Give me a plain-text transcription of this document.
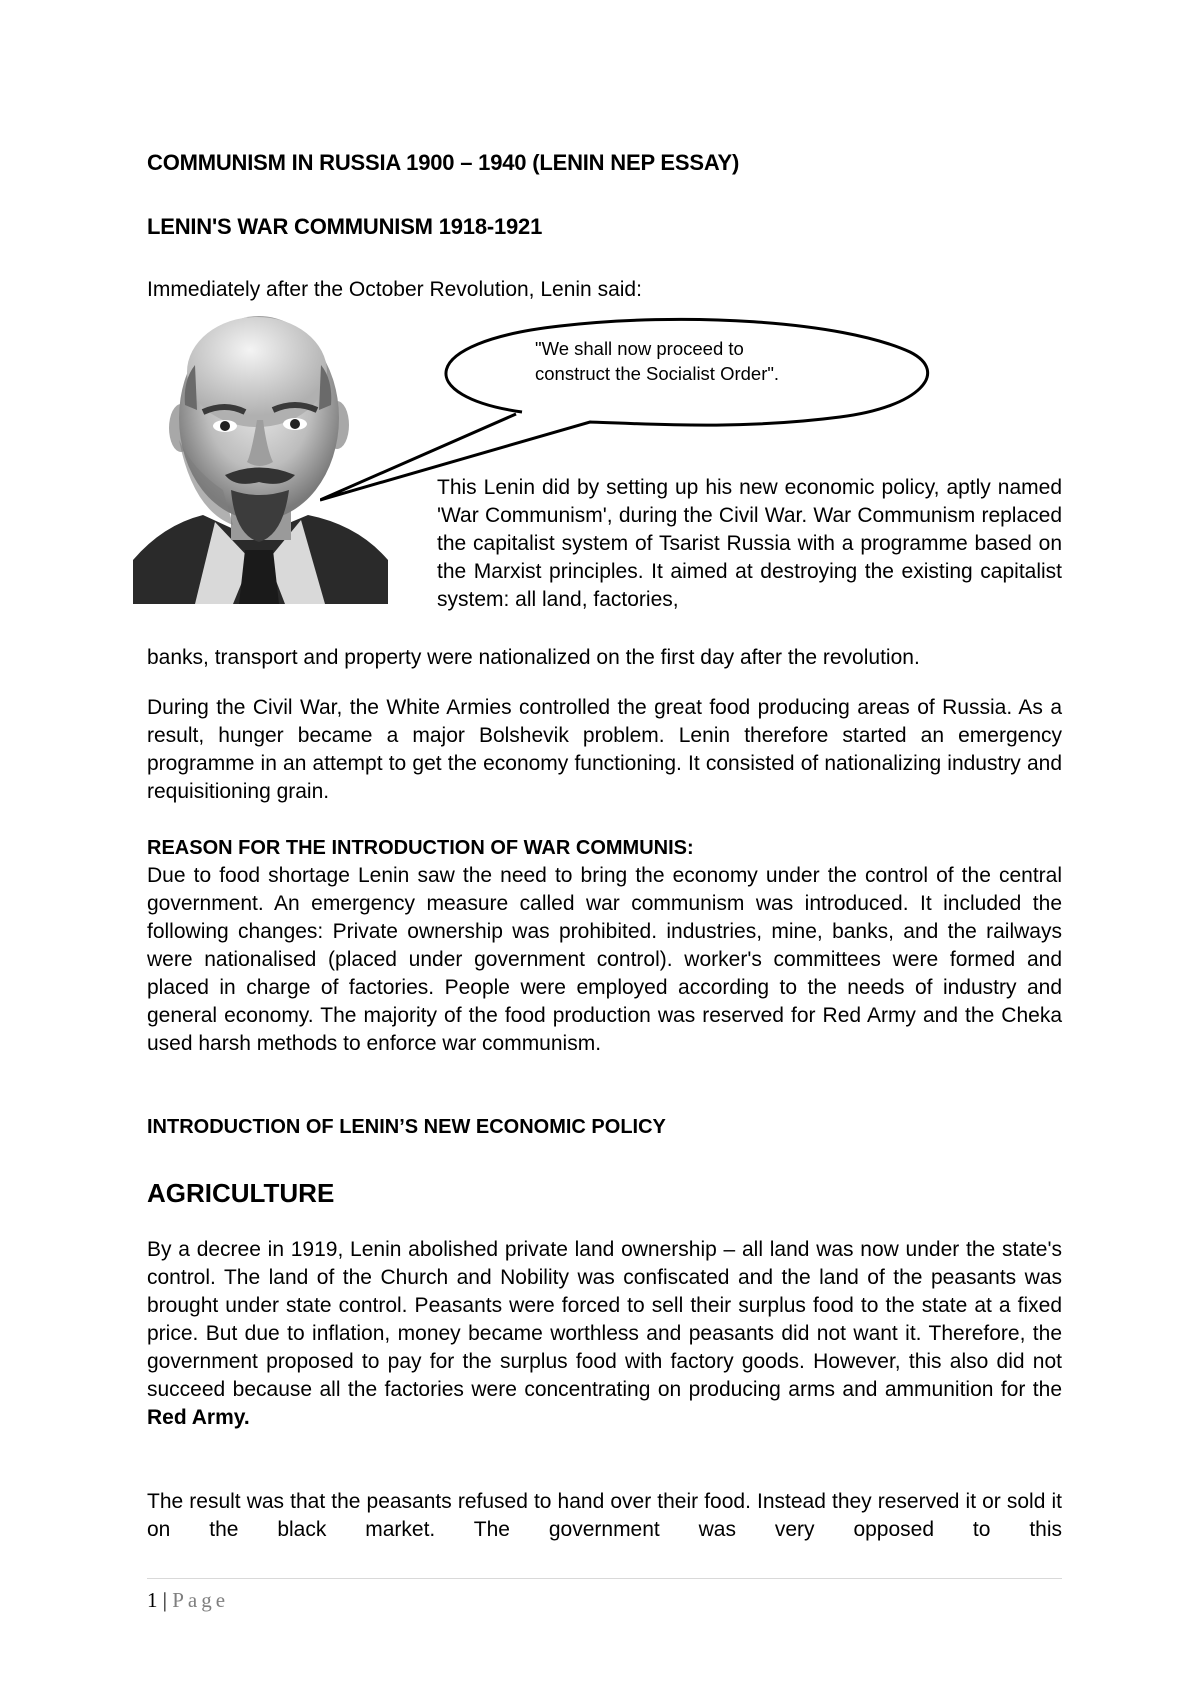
COMMUNISM IN RUSSIA 1900 – 1940 (LENIN NEP ESSAY)
LENIN'S WAR COMMUNISM 1918-1921
Immediately after the October Revolution, Lenin said:
"We shall now proceed to
construct the Socialist Order".
This Lenin did by setting up his new economic policy, aptly named 'War Communism', during the Civil War. War Communism replaced the capitalist system of Tsarist Russia with a programme based on the Marxist principles. It aimed at destroying the existing capitalist system: all land, factories,
banks, transport and property were nationalized on the first day after the revolution.
During the Civil War, the White Armies controlled the great food producing areas of Russia. As a result, hunger became a major Bolshevik problem. Lenin therefore started an emergency programme in an attempt to get the economy functioning. It consisted of nationalizing industry and requisitioning grain.
REASON FOR THE INTRODUCTION OF WAR COMMUNIS:
Due to food shortage Lenin saw the need to bring the economy under the control of the central government. An emergency measure called war communism was introduced. It included the following changes: Private ownership was prohibited. industries, mine, banks, and the railways were nationalised (placed under government control). worker's committees were formed and placed in charge of factories. People were employed according to the needs of industry and general economy. The majority of the food production was reserved for Red Army and the Cheka used harsh methods to enforce war communism.
INTRODUCTION OF LENIN’S NEW ECONOMIC POLICY
AGRICULTURE
By a decree in 1919, Lenin abolished private land ownership – all land was now under the state's control. The land of the Church and Nobility was confiscated and the land of the peasants was brought under state control. Peasants were forced to sell their surplus food to the state at a fixed price. But due to inflation, money became worthless and peasants did not want it. Therefore, the government proposed to pay for the surplus food with factory goods. However, this also did not succeed because all the factories were concentrating on producing arms and ammunition for the Red Army.
The result was that the peasants refused to hand over their food. Instead they reserved it or sold it on the black market. The government was very opposed to this
1 | Page
